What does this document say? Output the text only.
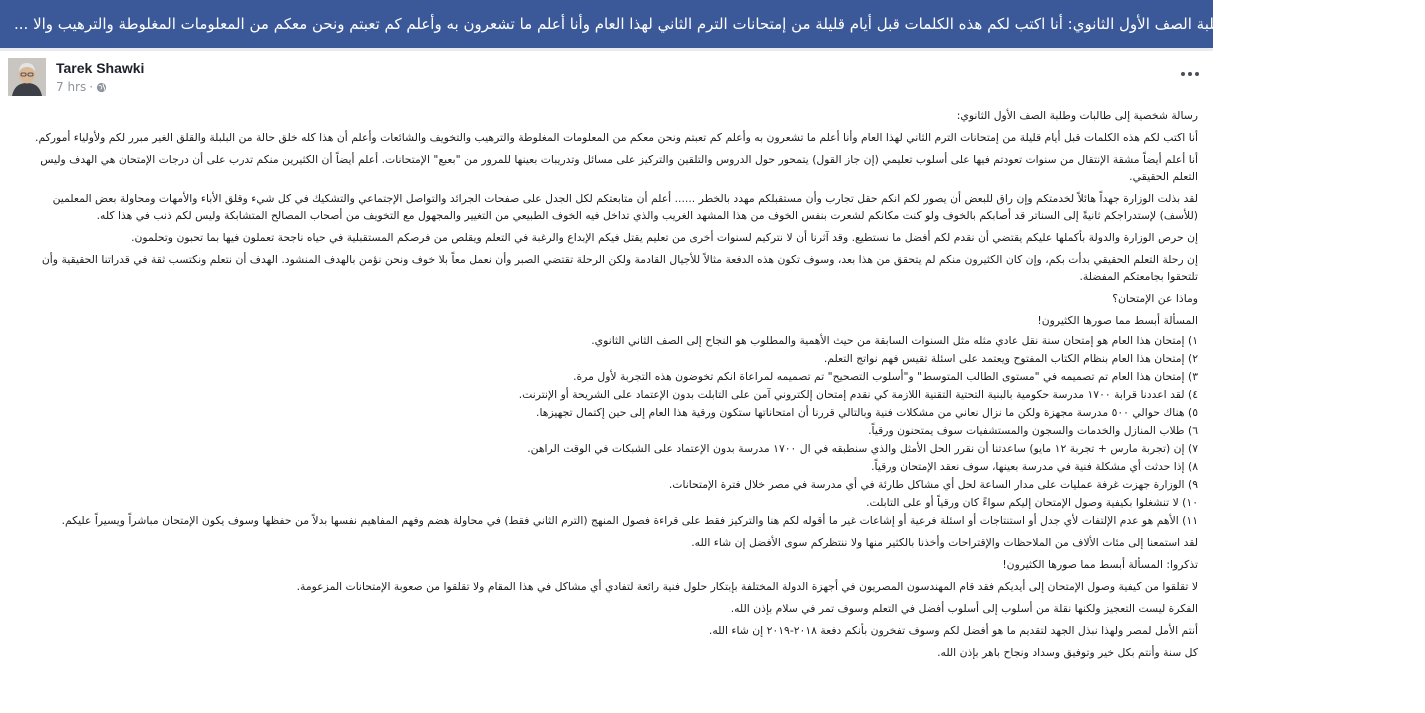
رسالة شخصية إلى طالبات وطلبة الصف الأول الثانوي: أنا اكتب لكم هذه الكلمات قبل أيام قليلة من إمتحانات الترم الثاني لهذا العام وأنا أعلم ما تشعرون به وأعلم كم تعبتم ونحن معكم من المعلومات المغلوطة والترهيب والا ...
Tarek Shawki
7 hrs ·

رسالة شخصية إلى طالبات وطلبة الصف الأول الثانوي:

أنا اكتب لكم هذه الكلمات قبل أيام قليلة من إمتحانات الترم الثاني لهذا العام وأنا أعلم ما تشعرون به وأعلم كم تعبتم ونحن معكم من المعلومات المغلوطة والترهيب والتخويف والشائعات وأعلم أن هذا كله خلق حالة من البلبلة والقلق الغير مبرر لكم ولأولياء أموركم.

أنا أعلم أيضاً مشقة الإنتقال من سنوات تعودتم فيها على أسلوب تعليمي (إن جاز القول) يتمحور حول الدروس والتلقين والتركيز على مسائل وتدريبات بعينها للمرور من "بعبع" الإمتحانات. أعلم أيضاً أن الكثيرين منكم تدرب على أن درجات الإمتحان هي الهدف وليس التعلم الحقيقي.

لقد بذلت الوزارة جهداً هائلاً لخدمتكم وإن راق للبعض أن يصور لكم انكم حقل تجارب وأن مستقبلكم مهدد بالخطر ...... أعلم أن متابعتكم لكل الجدل على صفحات الجرائد والتواصل الإجتماعي والتشكيك في كل شيء وقلق الأباء والأمهات ومحاولة بعض المعلمين (للأسف) لإستدراجكم ثانيةً إلى السناتر قد أصابكم بالخوف ولو كنت مكانكم لشعرت بنفس الخوف من هذا المشهد الغريب والذي تداخل فيه الخوف الطبيعي من التغيير والمجهول مع التخويف من أصحاب المصالح المتشابكة وليس لكم ذنب في هذا كله.

إن حرص الوزارة والدولة بأكملها عليكم يقتضي أن نقدم لكم أفضل ما نستطيع. وقد آثرنا أن لا نتركيم لسنوات أخرى من تعليم يقتل فيكم الإبداع والرغبة في التعلم ويقلص من فرصكم المستقبلية في حياه ناجحة تعملون فيها بما تحبون وتحلمون.

إن رحلة التعلم الحقيقي بدأت بكم، وإن كان الكثيرون منكم لم يتحقق من هذا بعد، وسوف تكون هذه الدفعة مثالاً للأجيال القادمة ولكن الرحلة تقتضي الصبر وأن نعمل معاً بلا خوف ونحن نؤمن بالهدف المنشود. الهدف أن نتعلم ونكتسب ثقة في قدراتنا الحقيقية وأن تلتحقوا بجامعتكم المفضلة.

وماذا عن الإمتحان؟

المسألة أبسط مما صورها الكثيرون!

١) إمتحان هذا العام هو إمتحان سنة نقل عادي مثله مثل السنوات السابقة من حيث الأهمية والمطلوب هو النجاح إلى الصف الثاني الثانوي.
٢) إمتحان هذا العام بنظام الكتاب المفتوح ويعتمد على اسئلة تقيس فهم نواتج التعلم.
٣) إمتحان هذا العام تم تصميمه في "مستوى الطالب المتوسط" و"أسلوب التصحيح" تم تصميمه لمراعاة انكم تخوضون هذه التجربة لأول مرة.
٤) لقد اعددنا قرابة ١٧٠٠ مدرسة حكومية بالبنية التحتية التقنية اللازمة كي نقدم إمتحان إلكتروني آمن على التابلت بدون الإعتماد على الشريحة أو الإنترنت.
٥) هناك حوالي ٥٠٠ مدرسة مجهزة ولكن ما نزال نعاني من مشكلات فنية وبالتالي قررنا أن امتحاناتها ستكون ورقية هذا العام إلى حين إكتمال تجهيزها.
٦) طلاب المنازل والخدمات والسجون والمستشفيات سوف يمتحنون ورقياً.
٧) إن (تجربة مارس + تجربة ١٢ مايو) ساعدتنا أن نقرر الحل الأمثل والذي سنطبقه في ال ١٧٠٠ مدرسة بدون الإعتماد على الشبكات في الوقت الراهن.
٨) إذا حدثت أي مشكلة فنية في مدرسة بعينها، سوف نعقد الإمتحان ورقياً.
٩) الوزارة جهزت غرفة عمليات على مدار الساعة لحل أي مشاكل طارئة في أي مدرسة في مصر خلال فترة الإمتحانات.
١٠) لا تنشغلوا بكيفية وصول الإمتحان إليكم سواءً كان ورقياً أو على التابلت.
١١) الأهم هو عدم الإلتفات لأي جدل أو استنتاجات أو اسئلة فرعية أو إشاعات غير ما أقوله لكم هنا والتركيز فقط على قراءة فصول المنهج (الترم الثاني فقط) في محاولة هضم وفهم المفاهيم نفسها بدلاً من حفظها وسوف يكون الإمتحان مباشراً ويسيراً عليكم.

لقد استمعنا إلى مئات الألاف من الملاحظات والإقتراحات وأخذنا بالكثير منها ولا ننتظركم سوى الأفضل إن شاء الله.

تذكروا: المسألة أبسط مما صورها الكثيرون!

لا تقلقوا من كيفية وصول الإمتحان إلى أيديكم فقد قام المهندسون المصريون في أجهزة الدولة المختلفة بإبتكار حلول فنية رائعة لتفادي أي مشاكل في هذا المقام ولا تقلقوا من صعوبة الإمتحانات المزعومة.

الفكرة ليست التعجيز ولكنها نقلة من أسلوب إلى أسلوب أفضل في التعلم وسوف تمر في سلام بإذن الله.

أنتم الأمل لمصر ولهذا نبذل الجهد لتقديم ما هو أفضل لكم وسوف تفخرون بأنكم دفعة ٢٠١٨-٢٠١٩ إن شاء الله.

كل سنة وأنتم بكل خير وتوفيق وسداد ونجاح باهر بإذن الله.
